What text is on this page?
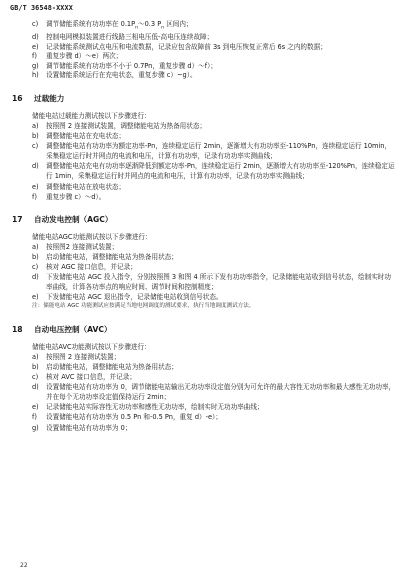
GB/T 36548-XXXX
c) 调节储能系统有功功率在 $0.1P_n\sim 0.3$ $P_n$ 区间内；
d) 控制电网模拟装置进行线路三相电压低-高电压连续故障；
e) 记录储能系统测试点电压和电流数据，记录应包含故障前 3s 到电压恢复正常后 6s 之内的数据；
f) 重复步骤 d）～e）两次；
g) 调节储能系统有功功率不小于 0.7Pn，重复步骤 d）～f）；
h) 设置储能系统运行在充电状态，重复步骤 c）~g）。
16	过载能力
储能电站过载能力测试按以下步骤进行：
a) 按照图 2 连接测试装置，调整储能电站为热备用状态；
b) 调整储能电站在充电状态；
c) 调整储能电站有功功率为额定功率-Pn，连续稳定运行 2min，逐渐增大有功功率至-110%Pn，连续稳定运行 10min，采集稳定运行时并网点的电流和电压，计算有功功率，记录有功功率实测曲线；
d) 调整储能电站充电有功功率逐渐降低到额定功率-Pn，连续稳定运行 2min，逐渐增大有功功率至-120%Pn，连续稳定运行 1min，采集稳定运行时并网点的电流和电压，计算有功功率，记录有功功率实测曲线；
e) 调整储能电站在放电状态；
f) 重复步骤 c）～d）。
17	自动发电控制（AGC）
储能电站AGC功能测试按以下步骤进行：
a) 按照图2 连接测试装置；
b) 启动储能电站，调整储能电站为热备用状态；
c) 核对 AGC 接口信息，并记录；
d) 下发储能电站 AGC 投入指令，分别按照图 3 和图 4 所示下发有功功率指令，记录储能电站收到信号状态，绘制实时功率曲线，计算各功率点的响应时间、调节时间和控制精度；
e) 下发储能电站 AGC 退出指令，记录储能电站收到信号状态。
注：储能电站 AGC 功能测试应按满足当地电网调度的测试要求，执行当地调度测试方法。
18	自动电压控制（AVC）
储能电站AVC功能测试按以下步骤进行：
a) 按照图 2 连接测试装置；
b) 启动储能电站，调整储能电站为热备用状态；
c) 核对 AVC 接口信息，并记录；
d) 设置储能电站有功功率为 0，调节储能电站输出无功功率设定值分别为可允许的最大容性无功功率和最大感性无功功率，并在每个无功功率设定值保持运行 2min；
e) 记录储能电站实际容性无功功率和感性无功功率，绘制实时无功功率曲线；
f) 设置储能电站有功功率为 0.5 Pn 和-0.5 Pn，重复 d）-e）；
g) 设置储能电站有功功率为 0；
22
